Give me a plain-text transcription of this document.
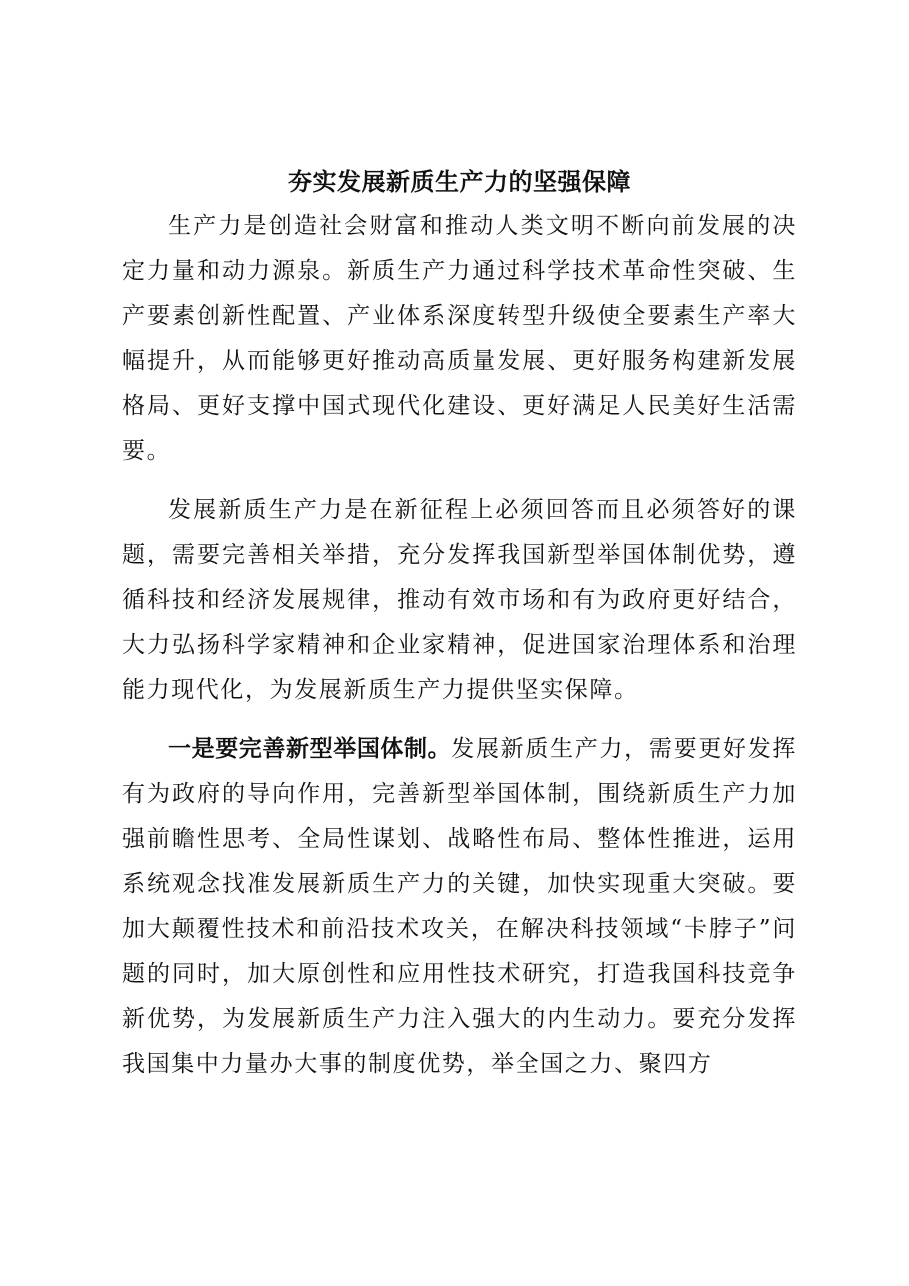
夯实发展新质生产力的坚强保障

生产力是创造社会财富和推动人类文明不断向前发展的决定力量和动力源泉。新质生产力通过科学技术革命性突破、生产要素创新性配置、产业体系深度转型升级使全要素生产率大幅提升，从而能够更好推动高质量发展、更好服务构建新发展格局、更好支撑中国式现代化建设、更好满足人民美好生活需要。

发展新质生产力是在新征程上必须回答而且必须答好的课题，需要完善相关举措，充分发挥我国新型举国体制优势，遵循科技和经济发展规律，推动有效市场和有为政府更好结合，大力弘扬科学家精神和企业家精神，促进国家治理体系和治理能力现代化，为发展新质生产力提供坚实保障。

一是要完善新型举国体制。发展新质生产力，需要更好发挥有为政府的导向作用，完善新型举国体制，围绕新质生产力加强前瞻性思考、全局性谋划、战略性布局、整体性推进，运用系统观念找准发展新质生产力的关键，加快实现重大突破。要加大颠覆性技术和前沿技术攻关，在解决科技领域“卡脖子”问题的同时，加大原创性和应用性技术研究，打造我国科技竞争新优势，为发展新质生产力注入强大的内生动力。要充分发挥我国集中力量办大事的制度优势，举全国之力、聚四方
